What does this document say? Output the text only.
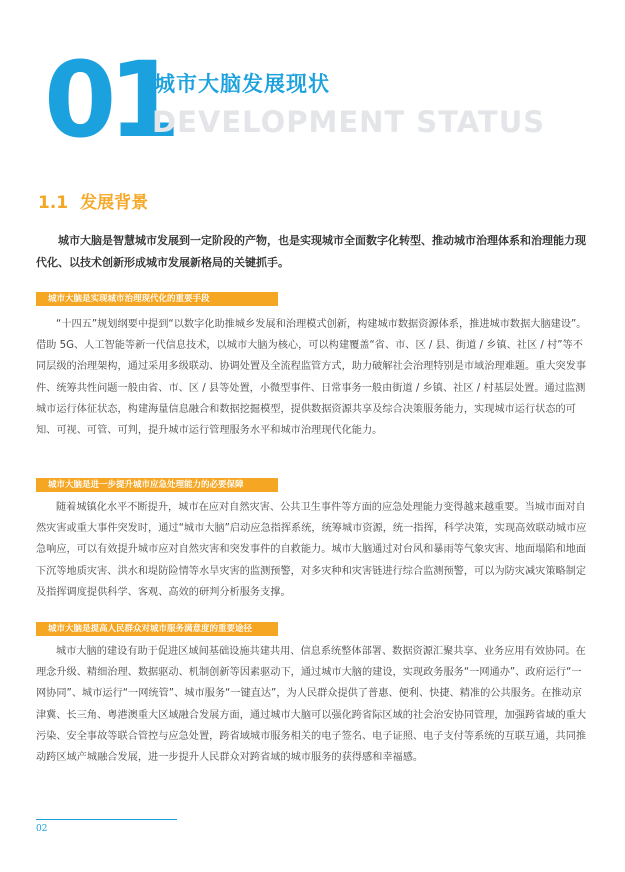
01
城市大脑发展现状
DEVELOPMENT STATUS
1.1 发展背景

城市大脑是智慧城市发展到一定阶段的产物，也是实现城市全面数字化转型、推动城市治理体系和治理能力现代化、以技术创新形成城市发展新格局的关键抓手。

城市大脑是实现城市治理现代化的重要手段

“十四五”规划纲要中提到“以数字化助推城乡发展和治理模式创新，构建城市数据资源体系，推进城市数据大脑建设”。借助 5G、人工智能等新一代信息技术，以城市大脑为核心，可以构建覆盖“省、市、区 / 县、街道 / 乡镇、社区 / 村”等不同层级的治理架构，通过采用多级联动、协调处置及全流程监管方式，助力破解社会治理特别是市域治理难题。重大突发事件、统筹共性问题一般由省、市、区 / 县等处置，小微型事件、日常事务一般由街道 / 乡镇、社区 / 村基层处置。通过监测城市运行体征状态，构建海量信息融合和数据挖掘模型，提供数据资源共享及综合决策服务能力，实现城市运行状态的可知、可视、可管、可判，提升城市运行管理服务水平和城市治理现代化能力。

城市大脑是进一步提升城市应急处理能力的必要保障

随着城镇化水平不断提升，城市在应对自然灾害、公共卫生事件等方面的应急处理能力变得越来越重要。当城市面对自然灾害或重大事件突发时，通过“城市大脑”启动应急指挥系统，统筹城市资源，统一指挥，科学决策，实现高效联动城市应急响应，可以有效提升城市应对自然灾害和突发事件的自救能力。城市大脑通过对台风和暴雨等气象灾害、地面塌陷和地面下沉等地质灾害、洪水和堤防险情等水旱灾害的监测预警，对多灾种和灾害链进行综合监测预警，可以为防灾减灾策略制定及指挥调度提供科学、客观、高效的研判分析服务支撑。

城市大脑是提高人民群众对城市服务满意度的重要途径

城市大脑的建设有助于促进区域间基础设施共建共用、信息系统整体部署、数据资源汇聚共享、业务应用有效协同。在理念升级、精细治理、数据驱动、机制创新等因素驱动下，通过城市大脑的建设，实现政务服务“一网通办”、政府运行“一网协同”、城市运行“一网统管”、城市服务“一键直达”，为人民群众提供了普惠、便利、快捷、精准的公共服务。在推动京津冀、长三角、粤港澳重大区域融合发展方面，通过城市大脑可以强化跨省际区域的社会治安协同管理，加强跨省域的重大污染、安全事故等联合管控与应急处置，跨省域城市服务相关的电子签名、电子证照、电子支付等系统的互联互通，共同推动跨区域产城融合发展，进一步提升人民群众对跨省域的城市服务的获得感和幸福感。

02
